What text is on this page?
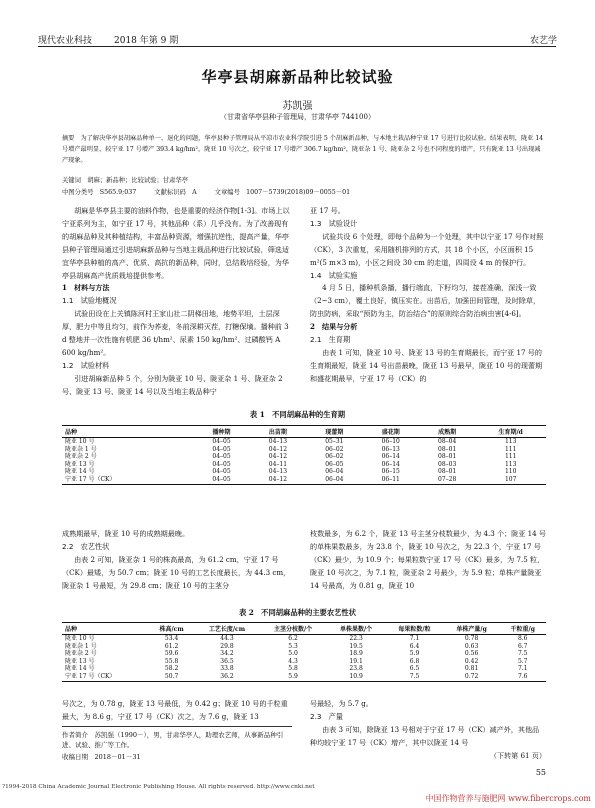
现代农业科技 2018 年第 9 期	农艺学
华亭县胡麻新品种比较试验
苏凯强
（甘肃省华亭县种子管理局，甘肃华亭 744100）
摘要　为了解决华亭县胡麻品种单一、退化的问题，华亭县种子管理局从平凉市农业科学院引进 5 个胡麻新品种，与本地主栽品种宁亚 17 号进行比较试验。结果表明，陇亚 14 号增产最明显，较宁亚 17 号增产 393.4 kg/hm²，陇亚 10 号次之，较宁亚 17 号增产 306.7 kg/hm²，陇亚杂 1 号、陇亚杂 2 号也不同程度的增产，只有陇亚 13 号出现减产现象。
关键词　胡麻；新品种；比较试验；甘肃华亭
中图分类号　S565.9;037	文献标识码　A	文章编号　1007－5739(2018)09－0055－01

胡麻是华亭县主要的油料作物，也是重要的经济作物[1-3]。市场上以宁亚系列为主，如宁亚 17 号，其他品种（系）几乎没有。为了改善现有的胡麻品种及其种植结构，丰富品种资源，增强抗逆性，提高产量，华亭县种子管理局通过引进胡麻新品种与当地主栽品种进行比较试验，筛选适宜华亭县种植的高产、优质、高抗的新品种，同时，总结栽培经验，为华亭县胡麻高产优质栽培提供参考。

1　材料与方法

1.1　试验地概况

试验田设在上关镇陈河村王家山社二阴梯田地，地势平坦，土层深厚，肥力中等且均匀，前作为荞麦，冬前深耕灭茬，打糖保墒。播种前 3 d 整地并一次性施有机肥 36 t/hm²、尿素 150 kg/hm²、过磷酸钙 A 600 kg/hm²。

1.2　试验材料

引进胡麻新品种 5 个，分别为陇亚 10 号、陇亚杂 1 号、陇亚杂 2 号、陇亚 13 号、陇亚 14 号以及当地主栽品种宁

亚 17 号。

1.3　试验设计

试验共设 6 个处理，即每个品种为一个处理，其中以宁亚 17 号作对照（CK），3 次重复，采用随机排列的方式，共 18 个小区，小区面积 15 m²(5 m×3 m)，小区之间设 30 cm 的走道，四周设 4 m 的保护行。

1.4　试验实施

4 月 5 日，播种机条播，播行端直，下籽均匀，接茬准确，深浅一致（2~3 cm），覆土良好，镇压实在。出苗后，加强田间管理，及时除草，防虫防病，采取“预防为主，防治结合”的原则综合防治病虫害[4-6]。

2　结果与分析

2.1　生育期

由表 1 可知，陇亚 10 号、陇亚 13 号的生育期最长，而宁亚 17 号的生育期最短，陇亚 14 号出苗最晚，陇亚 13 号最早，陇亚 10 号的现蕾期和盛花期最早，宁亚 17 号（CK）的

表 1　不同胡麻品种的生育期
品种	播种期	出苗期	现蕾期	盛花期	成熟期	生育期/d
陇亚 10 号	04–05	04–13	05–31	06–10	08–04	113
陇亚杂 1 号	04–05	04–12	06–02	06–13	08–01	111
陇亚杂 2 号	04–05	04–12	06–02	06–14	08–01	111
陇亚 13 号	04–05	04–11	06–05	06–14	08–03	113
陇亚 14 号	04–05	04–13	06–04	06–15	08–01	110
宁亚 17 号（CK）	04–05	04–12	06–04	06–11	07–28	107

成熟期最早，陇亚 10 号的成熟期最晚。

2.2　农艺性状

由表 2 可知，陇亚杂 1 号的株高最高，为 61.2 cm，宁亚 17 号（CK）最矮，为 50.7 cm；陇亚 10 号的工艺长度最长，为 44.3 cm，陇亚杂 1 号最短，为 29.8 cm；陇亚 10 号的主茎分

枝数最多，为 6.2 个，陇亚 13 号主茎分枝数最少，为 4.3 个；陇亚 14 号的单株果数最多，为 23.8 个，陇亚 10 号次之，为 22.3 个，宁亚 17 号（CK）最少，为 10.9 个；每果粒数宁亚 17 号（CK）最多，为 7.5 粒，陇亚 10 号次之，为 7.1 粒，陇亚杂 2 号最少，为 5.9 粒；单株产量陇亚 14 号最高，为 0.81 g，陇亚 10

表 2　不同胡麻品种的主要农艺性状
品种	株高/cm	工艺长度/cm	主茎分枝数/个	单株果数/个	每果粒数/粒	单株产量/g	千粒重/g
陇亚 10 号	53.4	44.3	6.2	22.3	7.1	0.78	8.6
陇亚杂 1 号	61.2	29.8	5.3	19.5	6.4	0.63	6.7
陇亚杂 2 号	59.6	34.2	5.0	18.9	5.9	0.56	7.5
陇亚 13 号	55.8	36.5	4.3	19.1	6.8	0.42	5.7
陇亚 14 号	58.2	33.8	5.8	23.8	6.5	0.81	7.1
宁亚 17 号（CK）	50.7	36.2	5.9	10.9	7.5	0.72	7.6

号次之，为 0.78 g，陇亚 13 号最低，为 0.42 g；陇亚 10 号的千粒重最大，为 8.6 g，宁亚 17 号（CK）次之，为 7.6 g，陇亚 13

号最轻，为 5.7 g。

2.3　产量

由表 3 可知，除陇亚 13 号相对于宁亚 17 号（CK）减产外，其他品种均较宁亚 17 号（CK）增产，其中以陇亚 14 号

（下转第 61 页）

作者简介　苏凯强（1990－），男，甘肃华亭人，助理农艺师，从事新品种引进、试验、推广等工作。
收稿日期　2018－01－31
55
?1994-2018 China Academic Journal Electronic Publishing House. All rights reserved. http://www.cnki.net
中国作物营养与施肥网 www.fibercrops.com
